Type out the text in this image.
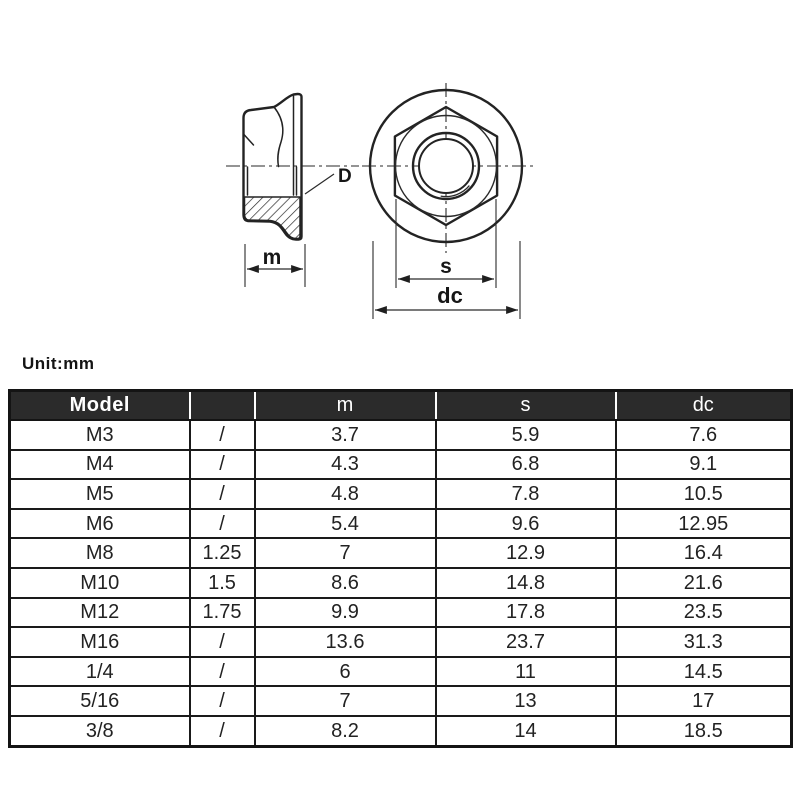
D
m	s
dc
Unit:mm
Model		m	s	dc
M3	/	3.7	5.9	7.6
M4	/	4.3	6.8	9.1
M5	/	4.8	7.8	10.5
M6	/	5.4	9.6	12.95
M8	1.25	7	12.9	16.4
M10	1.5	8.6	14.8	21.6
M12	1.75	9.9	17.8	23.5
M16	/	13.6	23.7	31.3
1/4	/	6	11	14.5
5/16	/	7	13	17
3/8	/	8.2	14	18.5
